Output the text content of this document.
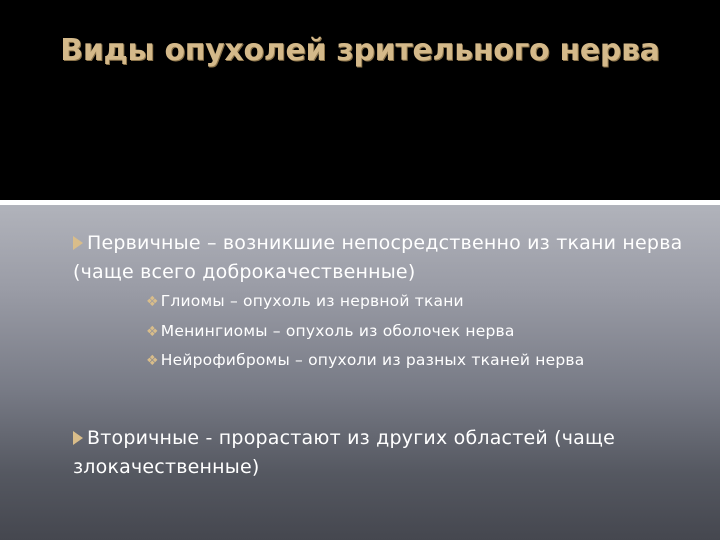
Виды опухолей зрительного нерва

Первичные – возникшие непосредственно из ткани нерва (чаще всего доброкачественные)

❖ Глиомы – опухоль из нервной ткани

❖ Менингиомы – опухоль из оболочек нерва

❖ Нейрофибромы – опухоли из разных тканей нерва

Вторичные - прорастают из других областей (чаще злокачественные)
